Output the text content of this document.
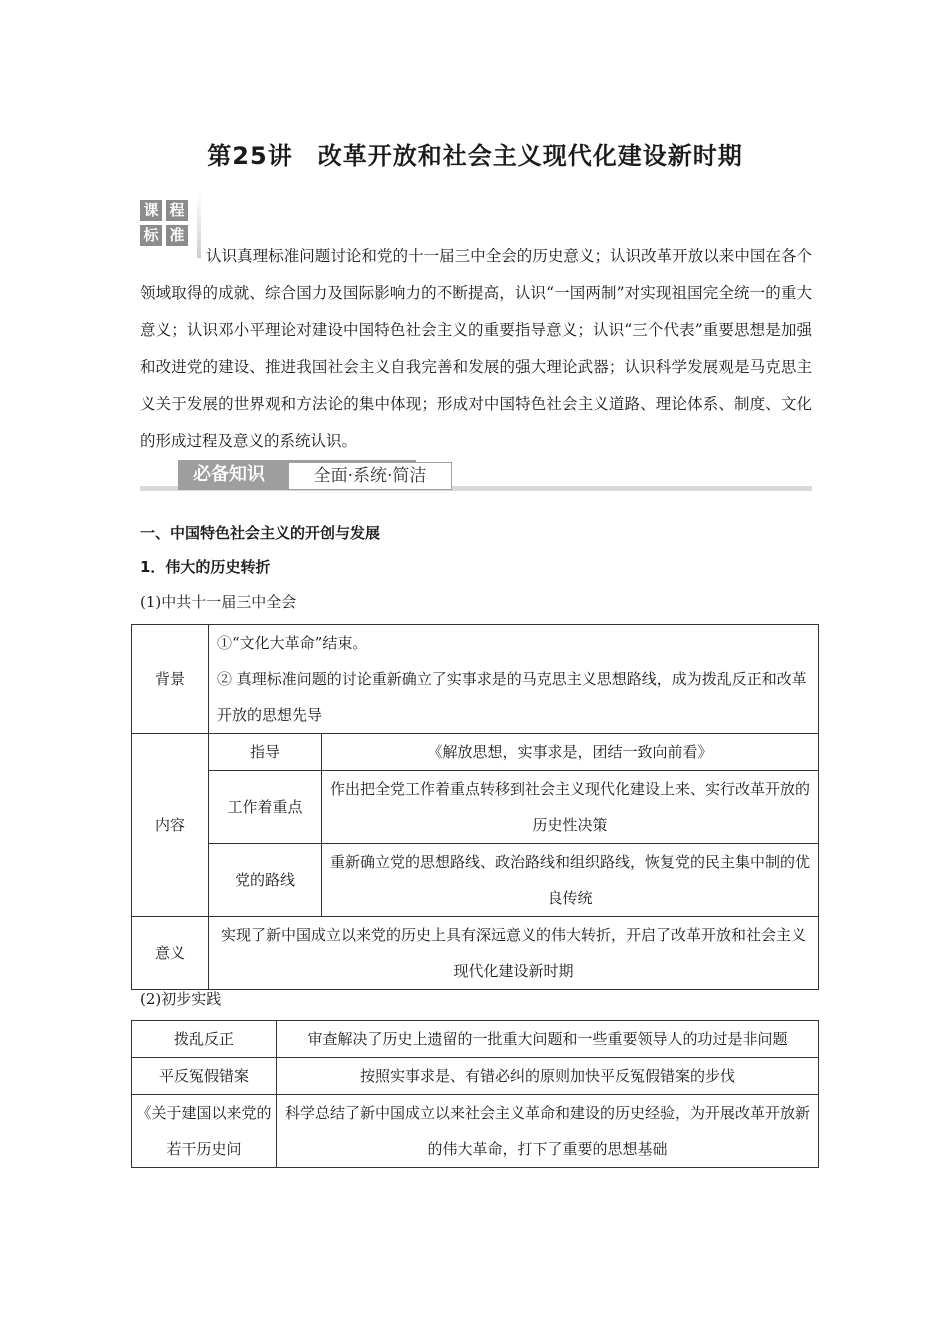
第25讲　改革开放和社会主义现代化建设新时期
课 程
标 准
认识真理标准问题讨论和党的十一届三中全会的历史意义；认识改革开放以来中国在各个领域取得的成就、综合国力及国际影响力的不断提高，认识“一国两制”对实现祖国完全统一的重大意义；认识邓小平理论对建设中国特色社会主义的重要指导意义；认识“三个代表”重要思想是加强和改进党的建设、推进我国社会主义自我完善和发展的强大理论武器；认识科学发展观是马克思主义关于发展的世界观和方法论的集中体现；形成对中国特色社会主义道路、理论体系、制度、文化的形成过程及意义的系统认识。
必备知识	全面·系统·简洁
一、中国特色社会主义的开创与发展
1．伟大的历史转折
(1)中共十一届三中全会
背景	①“文化大革命”结束。
② 真理标准问题的讨论重新确立了实事求是的马克思主义思想路线，成为拨乱反正和改革开放的思想先导	

内容	指导	《解放思想，实事求是，团结一致向前看》
	工作着重点	作出把全党工作着重点转移到社会主义现代化建设上来、实行改革开放的历史性决策
	党的路线	重新确立党的思想路线、政治路线和组织路线，恢复党的民主集中制的优良传统
意义	实现了新中国成立以来党的历史上具有深远意义的伟大转折，开启了改革开放和社会主义现代化建设新时期	
(2)初步实践
拨乱反正	审查解决了历史上遗留的一批重大问题和一些重要领导人的功过是非问题
平反冤假错案	按照实事求是、有错必纠的原则加快平反冤假错案的步伐
《关于建国以来党的若干历史问	科学总结了新中国成立以来社会主义革命和建设的历史经验，为开展改革开放新的伟大革命，打下了重要的思想基础
